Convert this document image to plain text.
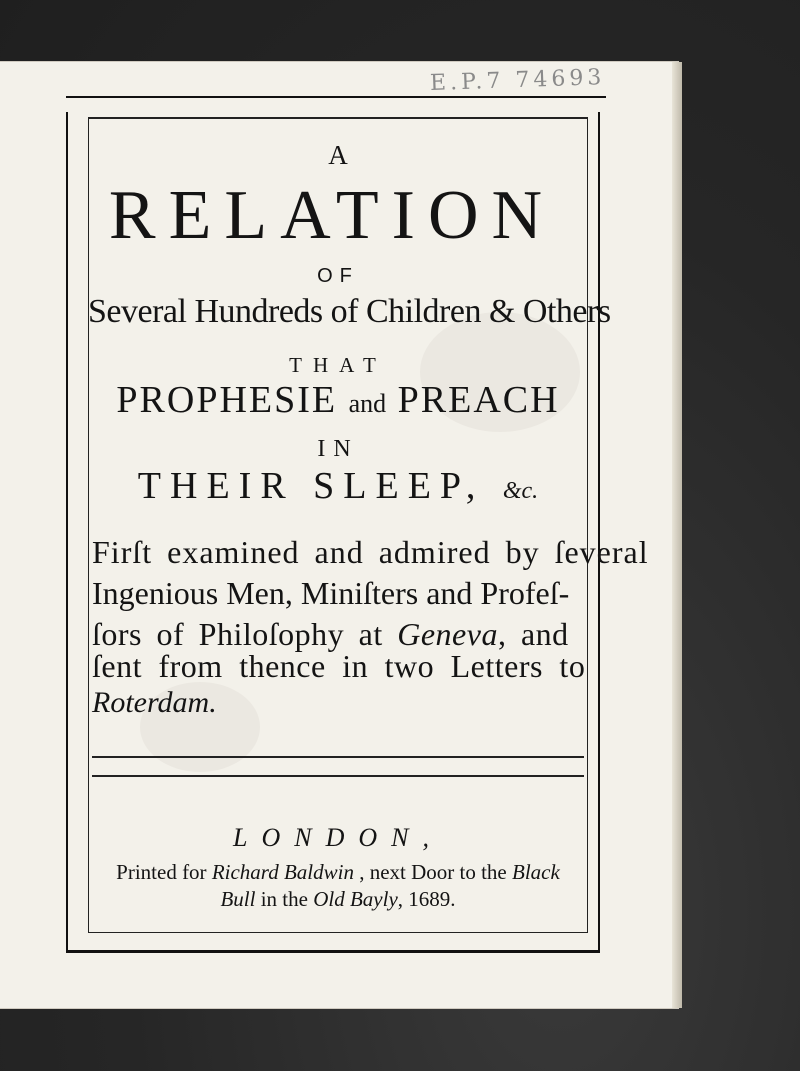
E.P.7 74693
A
RELATION
OF
Several Hundreds of Children & Others
THAT
PROPHESIE and PREACH
IN
THEIR SLEEP, &c.
Firſt examined and admired by ſeveral
Ingenious Men, Miniſters and Profeſ-
ſors of Philoſophy at Geneva, and
ſent from thence in two Letters to
Roterdam.
LONDON,
Printed for Richard Baldwin , next Door to the Black
Bull in the Old Bayly, 1689.
